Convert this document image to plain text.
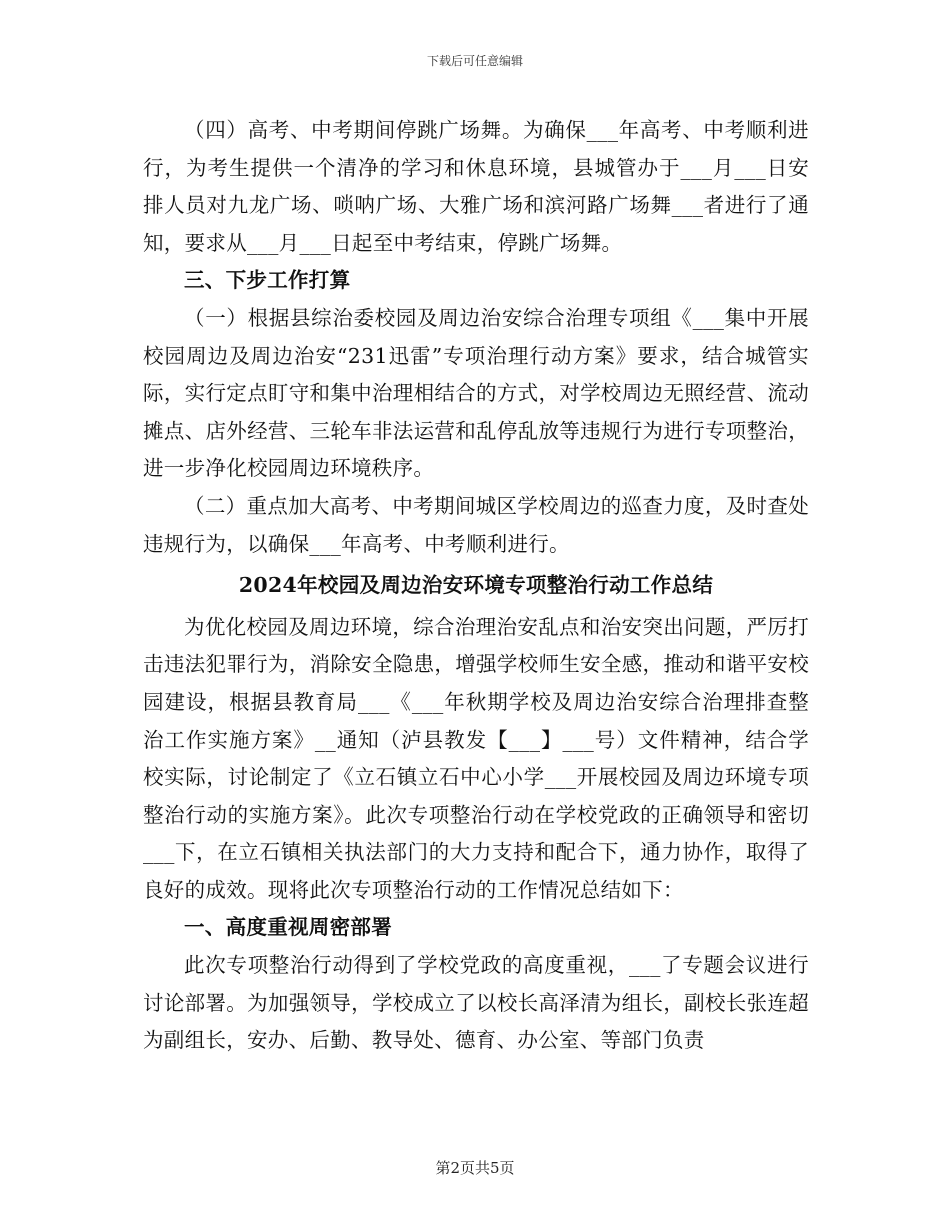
下载后可任意编辑

（四）高考、中考期间停跳广场舞。为确保___年高考、中考顺利进行，为考生提供一个清净的学习和休息环境，县城管办于___月___日安排人员对九龙广场、唢呐广场、大雅广场和滨河路广场舞___者进行了通知，要求从___月___日起至中考结束，停跳广场舞。

三、下步工作打算

（一）根据县综治委校园及周边治安综合治理专项组《___集中开展校园周边及周边治安“231迅雷”专项治理行动方案》要求，结合城管实际，实行定点盯守和集中治理相结合的方式，对学校周边无照经营、流动摊点、店外经营、三轮车非法运营和乱停乱放等违规行为进行专项整治，进一步净化校园周边环境秩序。

（二）重点加大高考、中考期间城区学校周边的巡查力度，及时查处违规行为，以确保___年高考、中考顺利进行。

2024年校园及周边治安环境专项整治行动工作总结

为优化校园及周边环境，综合治理治安乱点和治安突出问题，严厉打击违法犯罪行为，消除安全隐患，增强学校师生安全感，推动和谐平安校园建设，根据县教育局___《___年秋期学校及周边治安综合治理排查整治工作实施方案》__通知（泸县教发【___】___号）文件精神，结合学校实际，讨论制定了《立石镇立石中心小学___开展校园及周边环境专项整治行动的实施方案》。此次专项整治行动在学校党政的正确领导和密切___下，在立石镇相关执法部门的大力支持和配合下，通力协作，取得了良好的成效。现将此次专项整治行动的工作情况总结如下：

一、高度重视周密部署

此次专项整治行动得到了学校党政的高度重视，___了专题会议进行讨论部署。为加强领导，学校成立了以校长高泽清为组长，副校长张连超为副组长，安办、后勤、教导处、德育、办公室、等部门负责

第2页共5页
